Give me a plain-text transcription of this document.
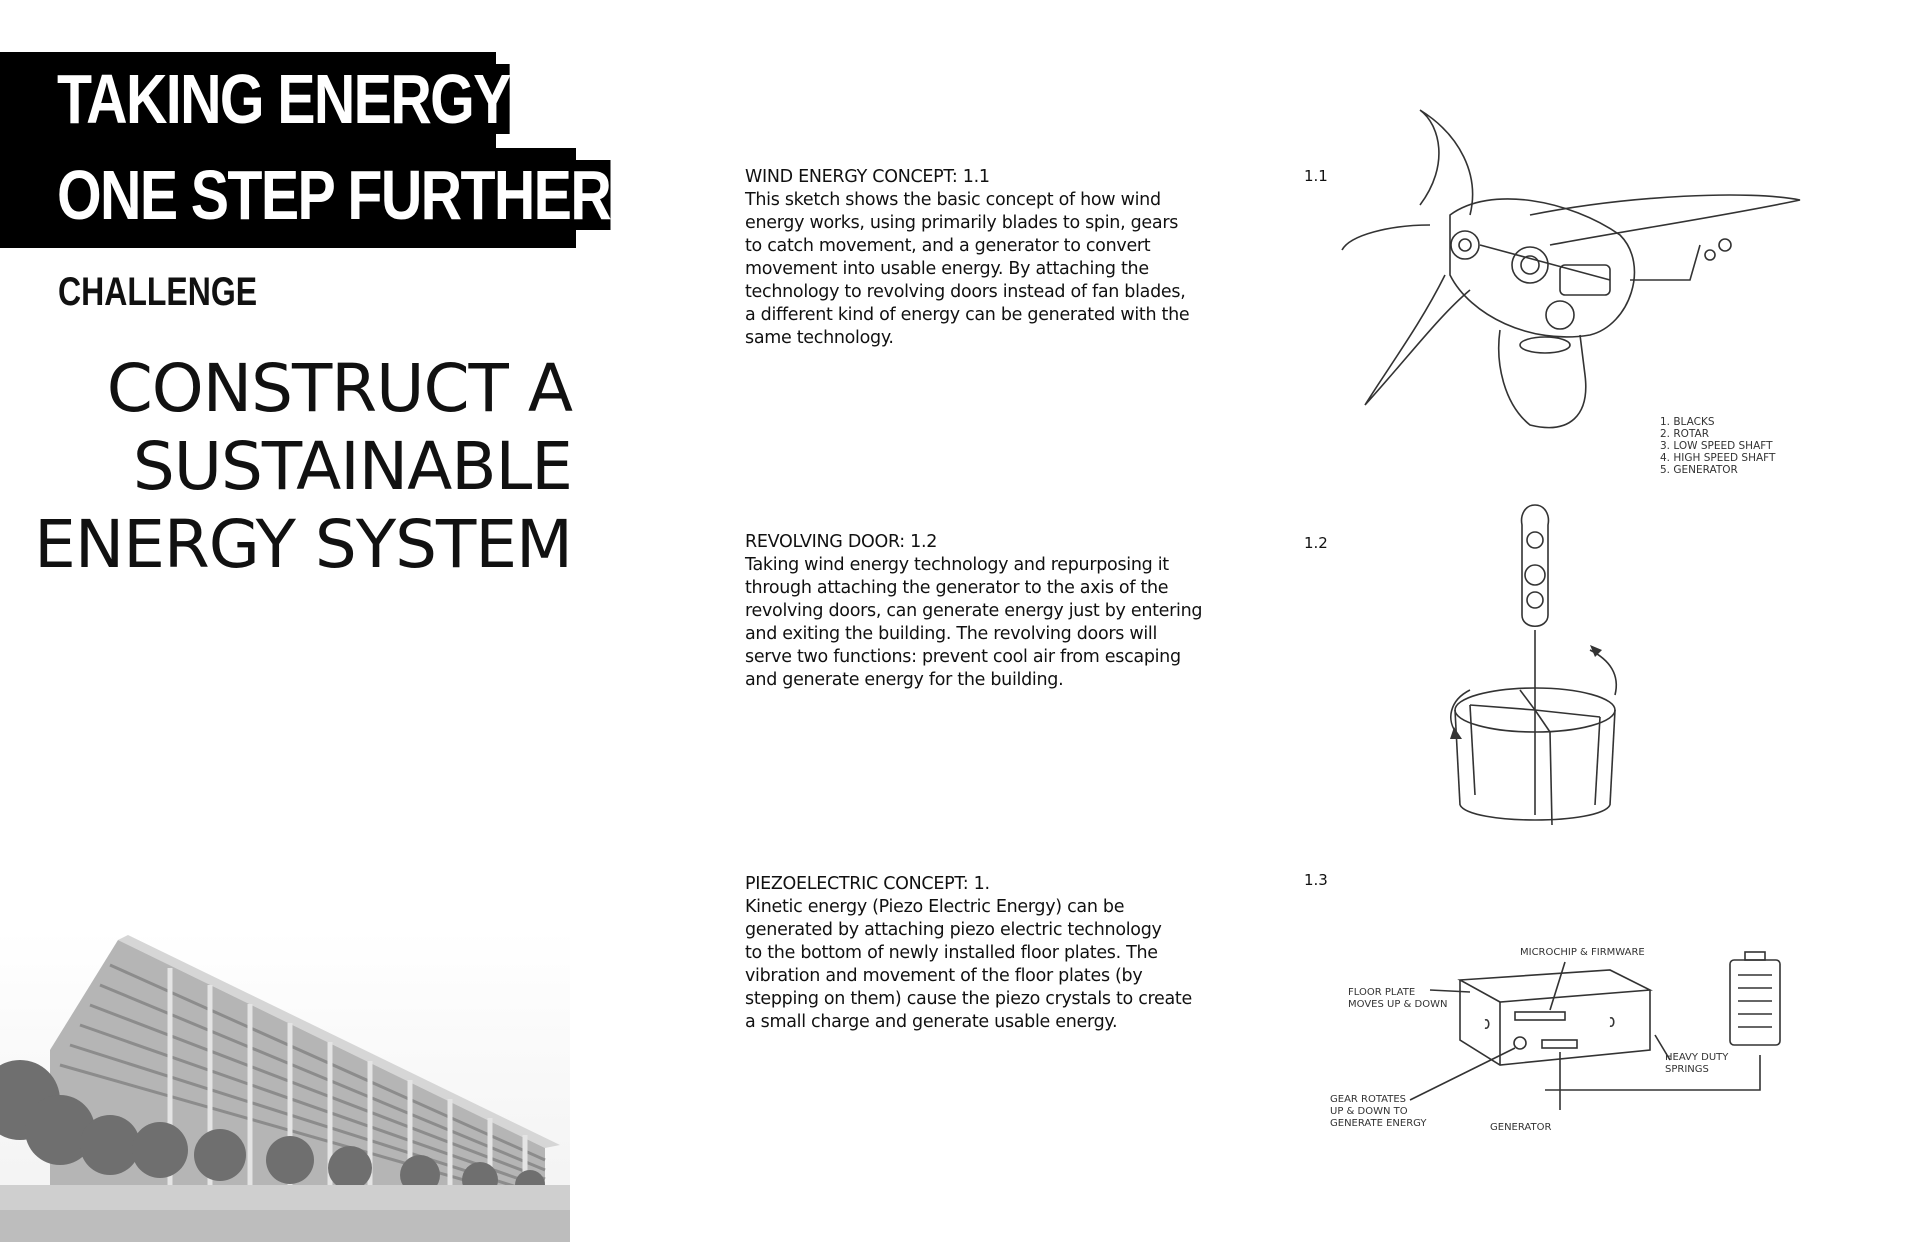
TAKING ENERGY
ONE STEP FURTHER
CHALLENGE
CONSTRUCT A
SUSTAINABLE
ENERGY SYSTEM
WIND ENERGY CONCEPT: 1.1
This sketch shows the basic concept of how wind
energy works, using primarily blades to spin, gears
to catch movement, and a generator to convert
movement into usable energy. By attaching the
technology to revolving doors instead of fan blades,
a different kind of energy can be generated with the
same technology.
REVOLVING DOOR: 1.2
Taking wind energy technology and repurposing it
through attaching the generator to the axis of the
revolving doors, can generate energy just by entering
and exiting the building. The revolving doors will
serve two functions: prevent cool air from escaping
and generate energy for the building.
PIEZOELECTRIC CONCEPT: 1.
Kinetic energy (Piezo Electric Energy) can be
generated by attaching piezo electric technology
to the bottom of newly installed floor plates. The
vibration and movement of the floor plates (by
stepping on them) cause the piezo crystals to create
a small charge and generate usable energy.
1.1
1.2
1.3
1. BLACKS
2. ROTAR
3. LOW SPEED SHAFT
4. HIGH SPEED SHAFT
5. GENERATOR
MICROCHIP & FIRMWARE
FLOOR PLATE
MOVES UP & DOWN
HEAVY DUTY
SPRINGS
GEAR ROTATES
UP & DOWN TO
GENERATE ENERGY	GENERATOR
